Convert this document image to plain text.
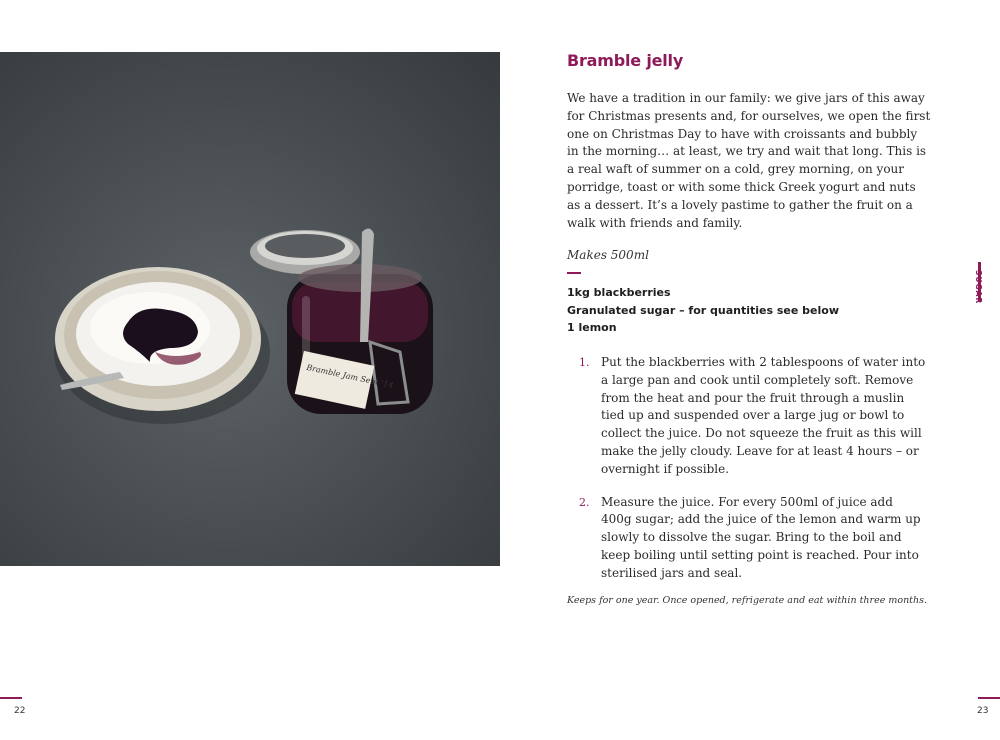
Bramble Jam Sept '14
Bramble jelly

We have a tradition in our family: we give jars of this away for Christmas presents and, for ourselves, we open the first one on Christmas Day to have with croissants and bubbly in the morning… at least, we try and wait that long. This is a real waft of summer on a cold, grey morning, on your porridge, toast or with some thick Greek yogurt and nuts as a dessert. It’s a lovely pastime to gather the fruit on a walk with friends and family.

Makes 500ml
1kg blackberries
Granulated sugar – for quantities see below
1 lemon
1. Put the blackberries with 2 tablespoons of water into a large pan and cook until completely soft. Remove from the heat and pour the fruit through a muslin tied up and suspended over a large jug or bowl to collect the juice. Do not squeeze the fruit as this will make the jelly cloudy. Leave for at least 4 hours – or overnight if possible.
2. Measure the juice. For every 500ml of juice add 400g sugar; add the juice of the lemon and warm up slowly to dissolve the sugar. Bring to the boil and keep boiling until setting point is reached. Pour into sterilised jars and seal.
Keeps for one year. Once opened, refrigerate and eat within three months.
SUGAR
22	23
